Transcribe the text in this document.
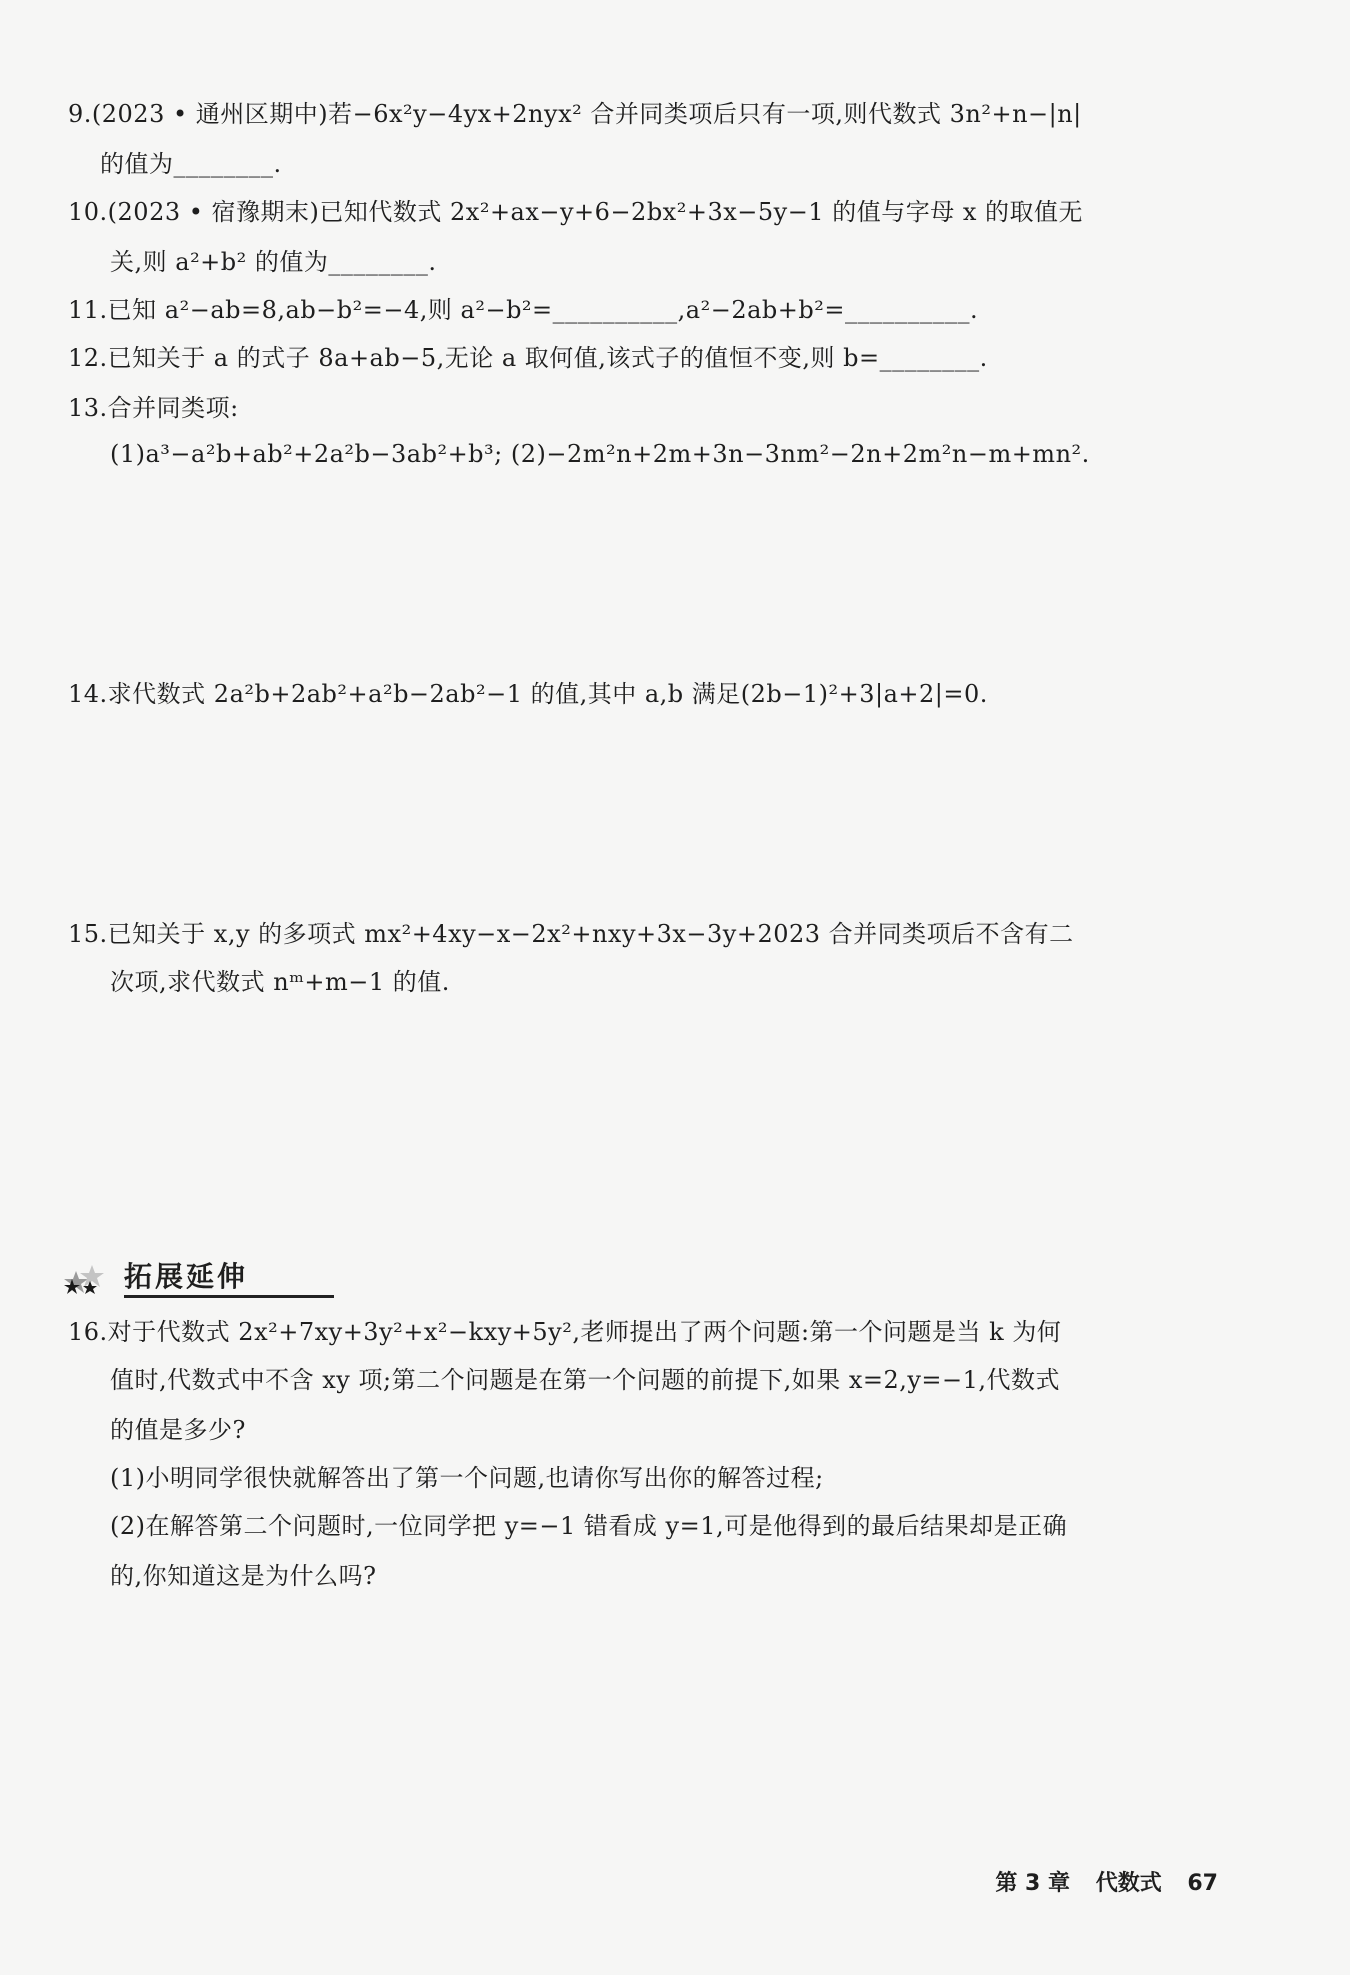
9.(2023 • 通州区期中)若−6x²y−4yx+2nyx² 合并同类项后只有一项,则代数式 3n²+n−|n|
的值为________.
10.(2023 • 宿豫期末)已知代数式 2x²+ax−y+6−2bx²+3x−5y−1 的值与字母 x 的取值无
关,则 a²+b² 的值为________.
11.已知 a²−ab=8,ab−b²=−4,则 a²−b²=__________,a²−2ab+b²=__________.
12.已知关于 a 的式子 8a+ab−5,无论 a 取何值,该式子的值恒不变,则 b=________.
13.合并同类项:
(1)a³−a²b+ab²+2a²b−3ab²+b³; (2)−2m²n+2m+3n−3nm²−2n+2m²n−m+mn².
14.求代数式 2a²b+2ab²+a²b−2ab²−1 的值,其中 a,b 满足(2b−1)²+3|a+2|=0.
15.已知关于 x,y 的多项式 mx²+4xy−x−2x²+nxy+3x−3y+2023 合并同类项后不含有二
次项,求代数式 nᵐ+m−1 的值.
拓展延伸
16.对于代数式 2x²+7xy+3y²+x²−kxy+5y²,老师提出了两个问题:第一个问题是当 k 为何
值时,代数式中不含 xy 项;第二个问题是在第一个问题的前提下,如果 x=2,y=−1,代数式
的值是多少?
(1)小明同学很快就解答出了第一个问题,也请你写出你的解答过程;
(2)在解答第二个问题时,一位同学把 y=−1 错看成 y=1,可是他得到的最后结果却是正确
的,你知道这是为什么吗?
第 3 章 代数式 67
